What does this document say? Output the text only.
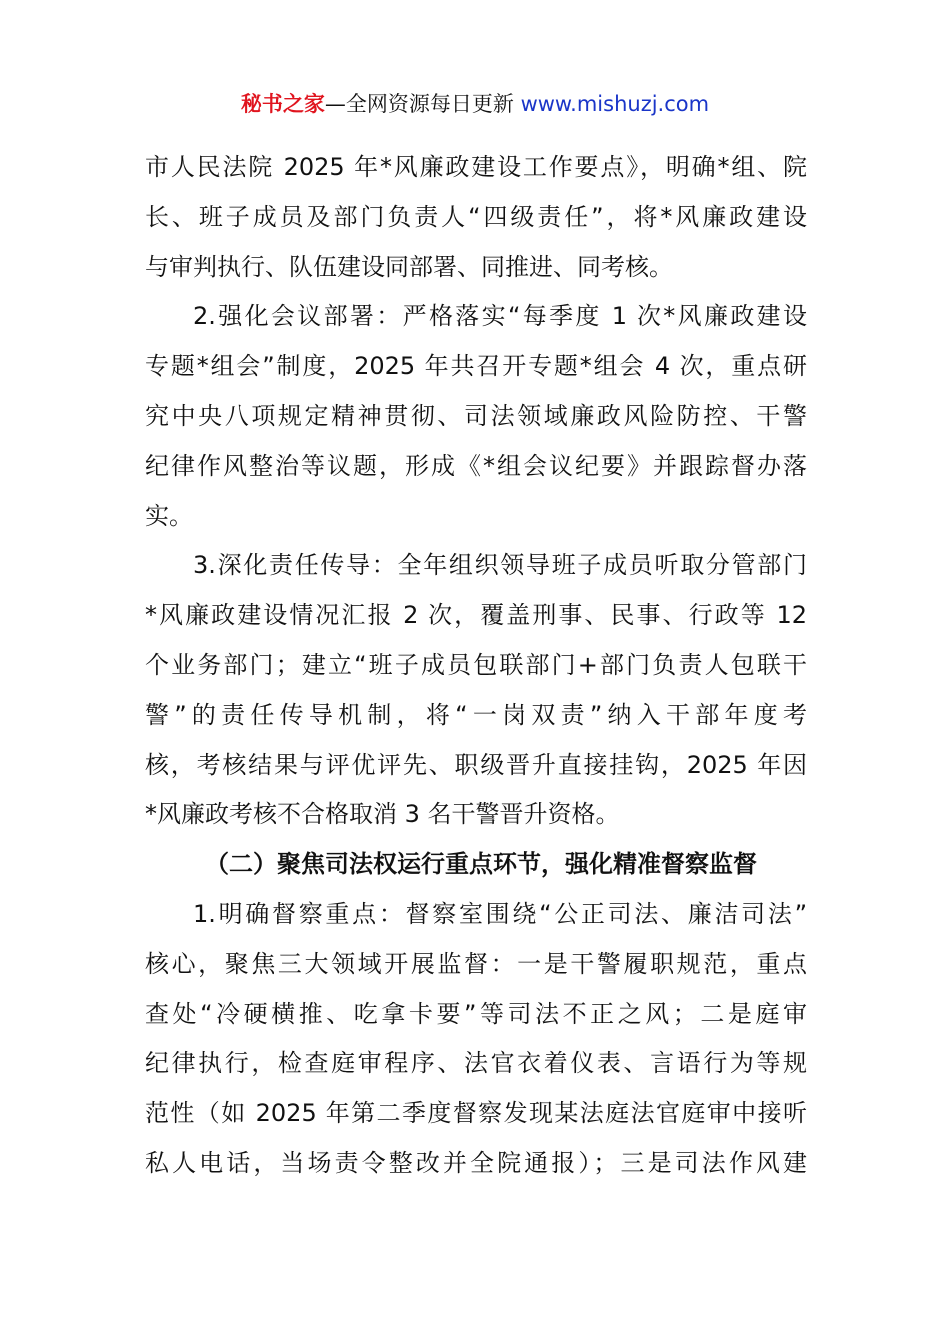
秘书之家—全网资源每日更新 www.mishuzj.com
市人民法院 2025 年*风廉政建设工作要点》，明确*组、院
长、班子成员及部门负责人“四级责任”，将*风廉政建设
与审判执行、队伍建设同部署、同推进、同考核。
2.强化会议部署：严格落实“每季度 1 次*风廉政建设
专题*组会”制度，2025 年共召开专题*组会 4 次，重点研
究中央八项规定精神贯彻、司法领域廉政风险防控、干警
纪律作风整治等议题，形成《*组会议纪要》并跟踪督办落
实。
3.深化责任传导：全年组织领导班子成员听取分管部门
*风廉政建设情况汇报 2 次，覆盖刑事、民事、行政等 12
个业务部门；建立“班子成员包联部门+部门负责人包联干
警”的责任传导机制，将“一岗双责”纳入干部年度考
核，考核结果与评优评先、职级晋升直接挂钩，2025 年因
*风廉政考核不合格取消 3 名干警晋升资格。
（二）聚焦司法权运行重点环节，强化精准督察监督
1.明确督察重点：督察室围绕“公正司法、廉洁司法”
核心，聚焦三大领域开展监督：一是干警履职规范，重点
查处“冷硬横推、吃拿卡要”等司法不正之风；二是庭审
纪律执行，检查庭审程序、法官衣着仪表、言语行为等规
范性（如 2025 年第二季度督察发现某法庭法官庭审中接听
私人电话，当场责令整改并全院通报）；三是司法作风建
